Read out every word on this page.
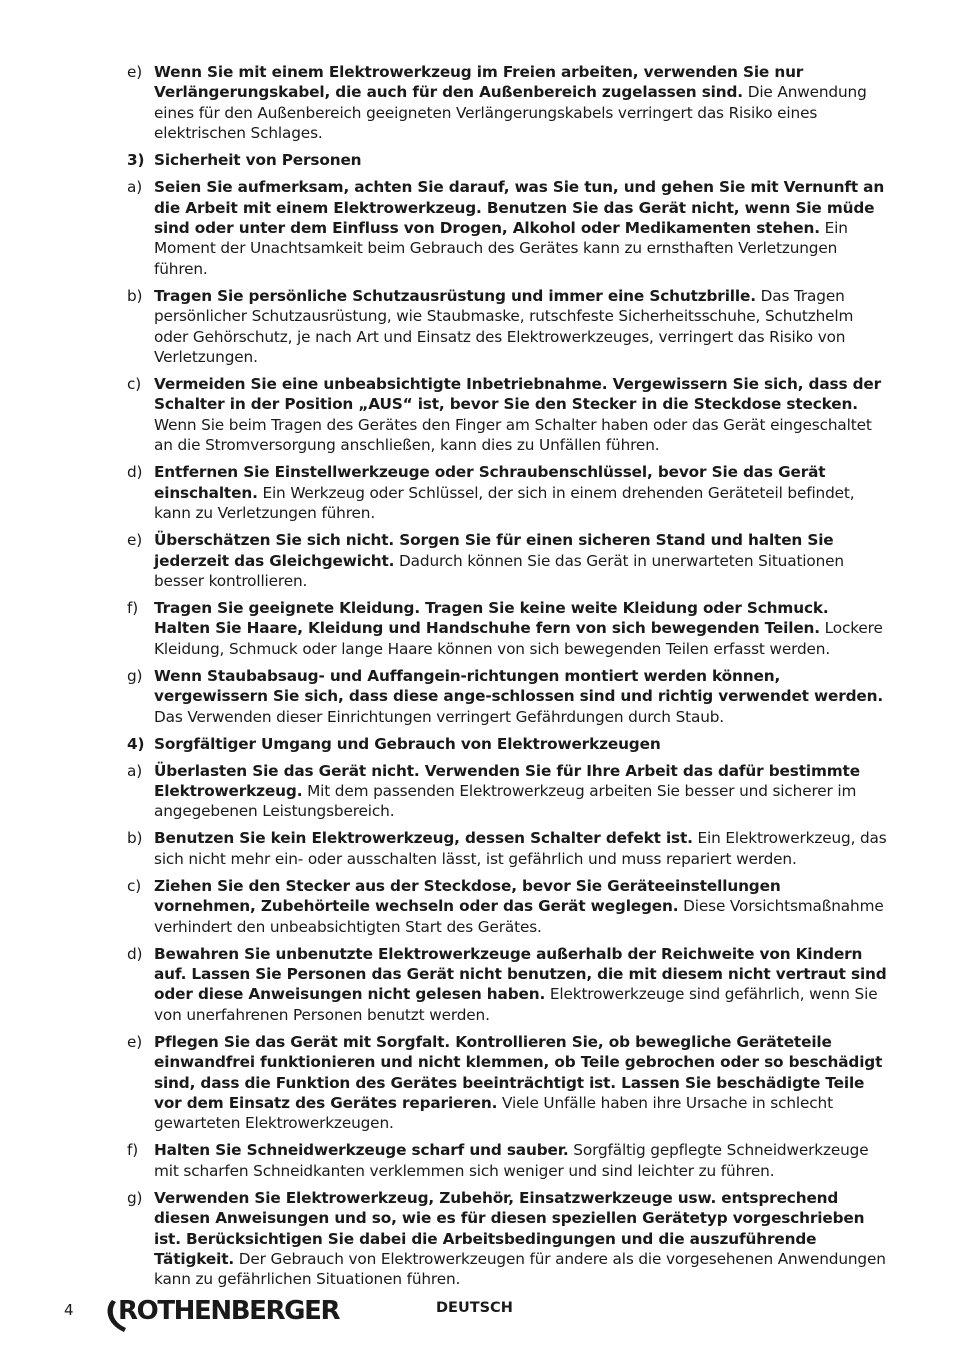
e) Wenn Sie mit einem Elektrowerkzeug im Freien arbeiten, verwenden Sie nur Verlängerungskabel, die auch für den Außenbereich zugelassen sind. Die Anwendung eines für den Außenbereich geeigneten Verlängerungskabels verringert das Risiko eines elektrischen Schlages.
3) Sicherheit von Personen
a) Seien Sie aufmerksam, achten Sie darauf, was Sie tun, und gehen Sie mit Vernunft an die Arbeit mit einem Elektrowerkzeug. Benutzen Sie das Gerät nicht, wenn Sie müde sind oder unter dem Einfluss von Drogen, Alkohol oder Medikamenten stehen. Ein Moment der Unachtsamkeit beim Gebrauch des Gerätes kann zu ernsthaften Verletzungen führen.
b) Tragen Sie persönliche Schutzausrüstung und immer eine Schutzbrille. Das Tragen persönlicher Schutzausrüstung, wie Staubmaske, rutschfeste Sicherheitsschuhe, Schutzhelm oder Gehörschutz, je nach Art und Einsatz des Elektrowerkzeuges, verringert das Risiko von Verletzungen.
c) Vermeiden Sie eine unbeabsichtigte Inbetriebnahme. Vergewissern Sie sich, dass der Schalter in der Position „AUS“ ist, bevor Sie den Stecker in die Steckdose stecken. Wenn Sie beim Tragen des Gerätes den Finger am Schalter haben oder das Gerät eingeschaltet an die Stromversorgung anschließen, kann dies zu Unfällen führen.
d) Entfernen Sie Einstellwerkzeuge oder Schraubenschlüssel, bevor Sie das Gerät einschalten. Ein Werkzeug oder Schlüssel, der sich in einem drehenden Geräteteil befindet, kann zu Verletzungen führen.
e) Überschätzen Sie sich nicht. Sorgen Sie für einen sicheren Stand und halten Sie jederzeit das Gleichgewicht. Dadurch können Sie das Gerät in unerwarteten Situationen besser kontrollieren.
f)	Tragen Sie geeignete Kleidung. Tragen Sie keine weite Kleidung oder Schmuck. Halten Sie Haare, Kleidung und Handschuhe fern von sich bewegenden Teilen. Lockere Kleidung, Schmuck oder lange Haare können von sich bewegenden Teilen erfasst werden.
g) Wenn Staubabsaug- und Auffangein-richtungen montiert werden können, vergewissern Sie sich, dass diese ange-schlossen sind und richtig verwendet werden. Das Verwenden dieser Einrichtungen verringert Gefährdungen durch Staub.
4) Sorgfältiger Umgang und Gebrauch von Elektrowerkzeugen
a) Überlasten Sie das Gerät nicht. Verwenden Sie für Ihre Arbeit das dafür bestimmte Elektrowerkzeug. Mit dem passenden Elektrowerkzeug arbeiten Sie besser und sicherer im angegebenen Leistungsbereich.
b) Benutzen Sie kein Elektrowerkzeug, dessen Schalter defekt ist. Ein Elektrowerkzeug, das sich nicht mehr ein- oder ausschalten lässt, ist gefährlich und muss repariert werden.
c) Ziehen Sie den Stecker aus der Steckdose, bevor Sie Geräteeinstellungen vornehmen, Zubehörteile wechseln oder das Gerät weglegen. Diese Vorsichtsmaßnahme verhindert den unbeabsichtigten Start des Gerätes.
d) Bewahren Sie unbenutzte Elektrowerkzeuge außerhalb der Reichweite von Kindern auf. Lassen Sie Personen das Gerät nicht benutzen, die mit diesem nicht vertraut sind oder diese Anweisungen nicht gelesen haben. Elektrowerkzeuge sind gefährlich, wenn Sie von unerfahrenen Personen benutzt werden.
e) Pflegen Sie das Gerät mit Sorgfalt. Kontrollieren Sie, ob bewegliche Geräteteile einwandfrei funktionieren und nicht klemmen, ob Teile gebrochen oder so beschädigt sind, dass die Funktion des Gerätes beeinträchtigt ist. Lassen Sie beschädigte Teile vor dem Einsatz des Gerätes reparieren. Viele Unfälle haben ihre Ursache in schlecht gewarteten Elektrowerkzeugen.
f)	Halten Sie Schneidwerkzeuge scharf und sauber. Sorgfältig gepflegte Schneidwerkzeuge mit scharfen Schneidkanten verklemmen sich weniger und sind leichter zu führen.
g) Verwenden Sie Elektrowerkzeug, Zubehör, Einsatzwerkzeuge usw. entsprechend diesen Anweisungen und so, wie es für diesen speziellen Gerätetyp vorgeschrieben ist. Berücksichtigen Sie dabei die Arbeitsbedingungen und die auszuführende Tätigkeit. Der Gebrauch von Elektrowerkzeugen für andere als die vorgesehenen Anwendungen kann zu gefährlichen Situationen führen.
4 ROTHENBERGER	DEUTSCH
